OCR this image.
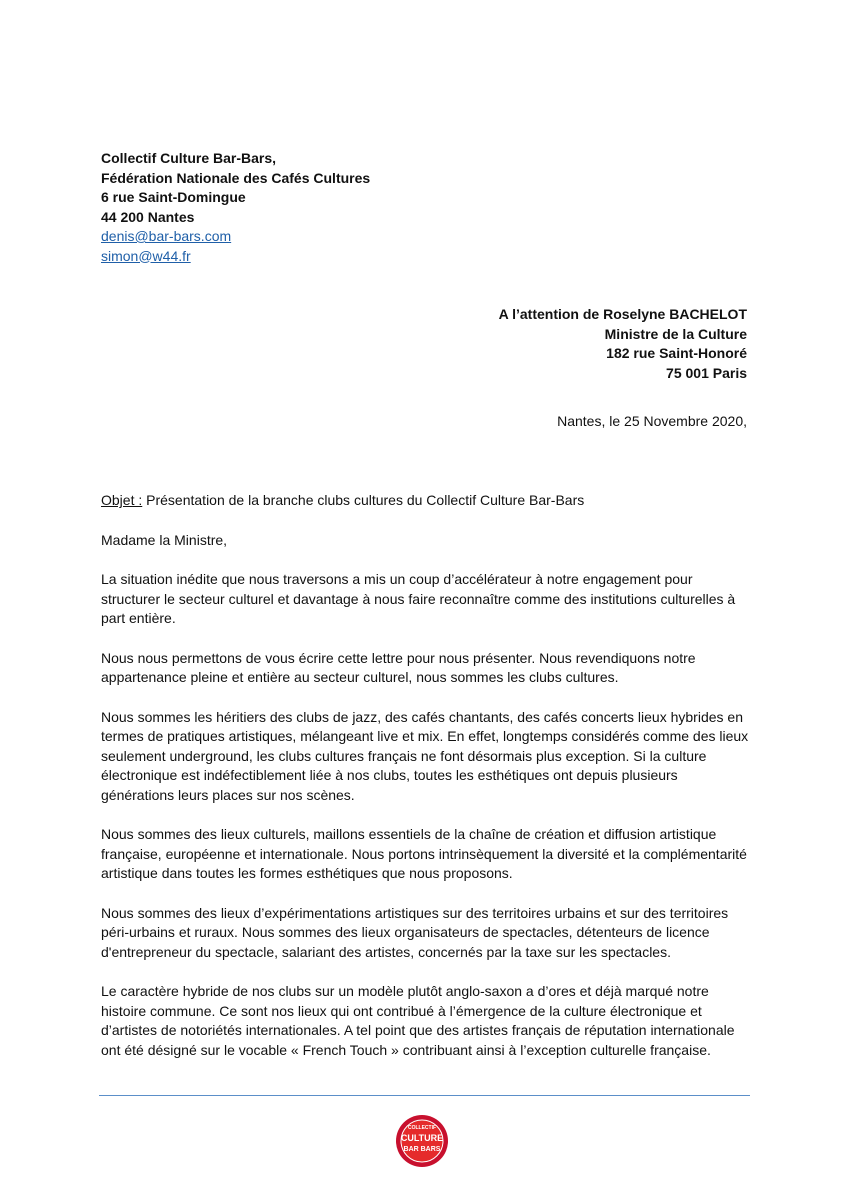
Collectif Culture Bar-Bars,
Fédération Nationale des Cafés Cultures
6 rue Saint-Domingue
44 200 Nantes
denis@bar-bars.com
simon@w44.fr
A l’attention de Roselyne BACHELOT
Ministre de la Culture
182 rue Saint-Honoré
75 001 Paris
Nantes, le 25 Novembre 2020,

Objet : Présentation de la branche clubs cultures du Collectif Culture Bar-Bars

Madame la Ministre,

La situation inédite que nous traversons a mis un coup d’accélérateur à notre engagement pour structurer le secteur culturel et davantage à nous faire reconnaître comme des institutions culturelles à part entière.

Nous nous permettons de vous écrire cette lettre pour nous présenter. Nous revendiquons notre appartenance pleine et entière au secteur culturel, nous sommes les clubs cultures.

Nous sommes les héritiers des clubs de jazz, des cafés chantants, des cafés concerts lieux hybrides en termes de pratiques artistiques, mélangeant live et mix. En effet, longtemps considérés comme des lieux seulement underground, les clubs cultures français ne font désormais plus exception. Si la culture électronique est indéfectiblement liée à nos clubs, toutes les esthétiques ont depuis plusieurs générations leurs places sur nos scènes.

Nous sommes des lieux culturels, maillons essentiels de la chaîne de création et diffusion artistique française, européenne et internationale. Nous portons intrinsèquement la diversité et la complémentarité artistique dans toutes les formes esthétiques que nous proposons.

Nous sommes des lieux d’expérimentations artistiques sur des territoires urbains et sur des territoires péri-urbains et ruraux. Nous sommes des lieux organisateurs de spectacles, détenteurs de licence d'entrepreneur du spectacle, salariant des artistes, concernés par la taxe sur les spectacles.

Le caractère hybride de nos clubs sur un modèle plutôt anglo-saxon a d’ores et déjà marqué notre histoire commune. Ce sont nos lieux qui ont contribué à l’émergence de la culture électronique et d’artistes de notoriétés internationales. A tel point que des artistes français de réputation internationale ont été désigné sur le vocable « French Touch » contribuant ainsi à l’exception culturelle française.

COLLECTIF
CULTURE
BAR BARS
